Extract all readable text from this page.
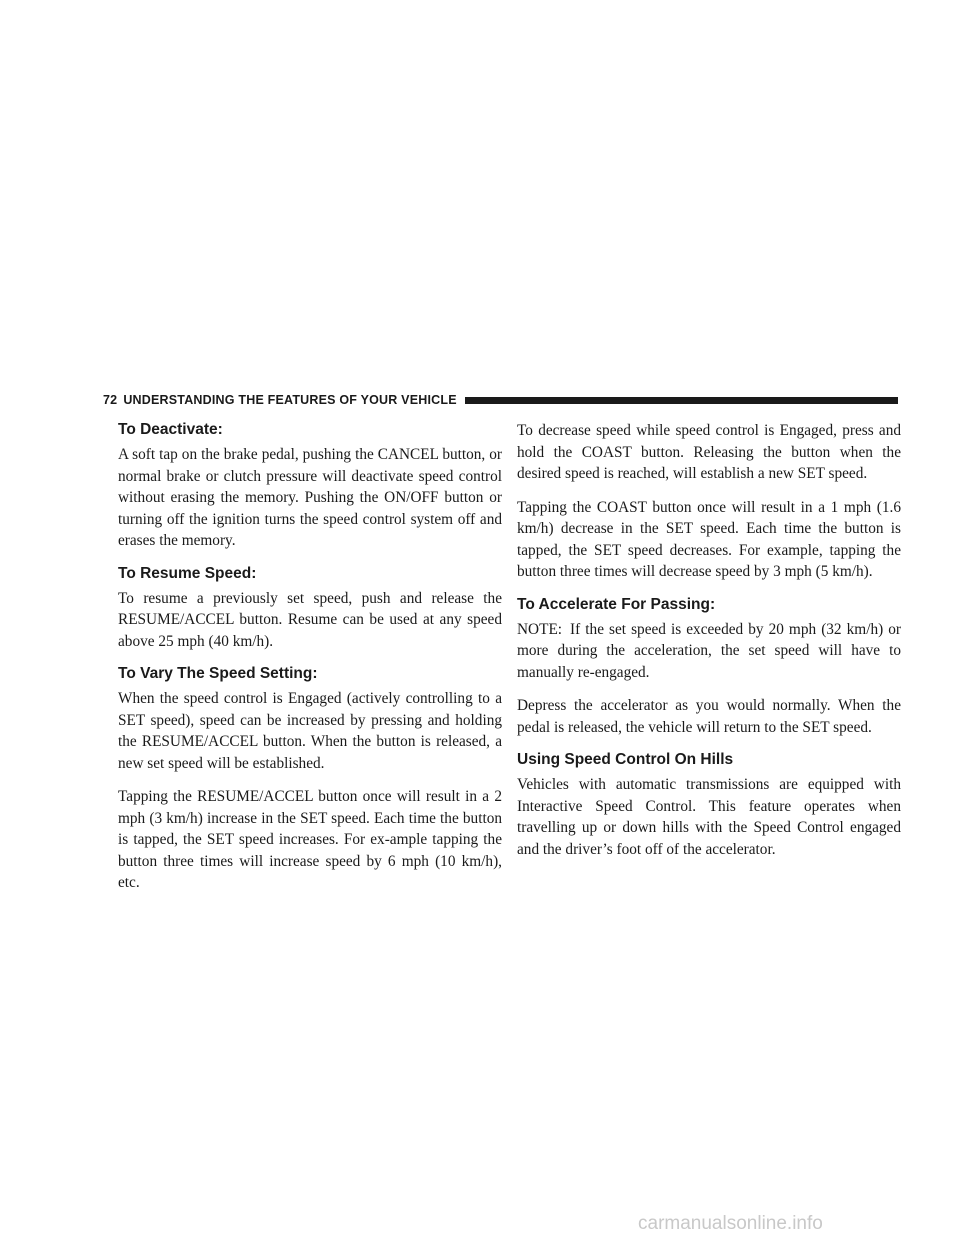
72 UNDERSTANDING THE FEATURES OF YOUR VEHICLE
To Deactivate:

A soft tap on the brake pedal, pushing the CANCEL button, or normal brake or clutch pressure will deactivate speed control without erasing the memory. Pushing the ON/OFF button or turning off the ignition turns the speed control system off and erases the memory.

To Resume Speed:

To resume a previously set speed, push and release the RESUME/ACCEL button. Resume can be used at any speed above 25 mph (40 km/h).

To Vary The Speed Setting:

When the speed control is Engaged (actively controlling to a SET speed), speed can be increased by pressing and holding the RESUME/ACCEL button. When the button is released, a new set speed will be established.

Tapping the RESUME/ACCEL button once will result in a 2 mph (3 km/h) increase in the SET speed. Each time the button is tapped, the SET speed increases. For ex-ample tapping the button three times will increase speed by 6 mph (10 km/h), etc.

To decrease speed while speed control is Engaged, press and hold the COAST button. Releasing the button when the desired speed is reached, will establish a new SET speed.

Tapping the COAST button once will result in a 1 mph (1.6 km/h) decrease in the SET speed. Each time the button is tapped, the SET speed decreases. For example, tapping the button three times will decrease speed by 3 mph (5 km/h).

To Accelerate For Passing:

NOTE: If the set speed is exceeded by 20 mph (32 km/h) or more during the acceleration, the set speed will have to manually re-engaged.

Depress the accelerator as you would normally. When the pedal is released, the vehicle will return to the SET speed.

Using Speed Control On Hills

Vehicles with automatic transmissions are equipped with Interactive Speed Control. This feature operates when travelling up or down hills with the Speed Control engaged and the driver’s foot off of the accelerator.

carmanualsonline.info
